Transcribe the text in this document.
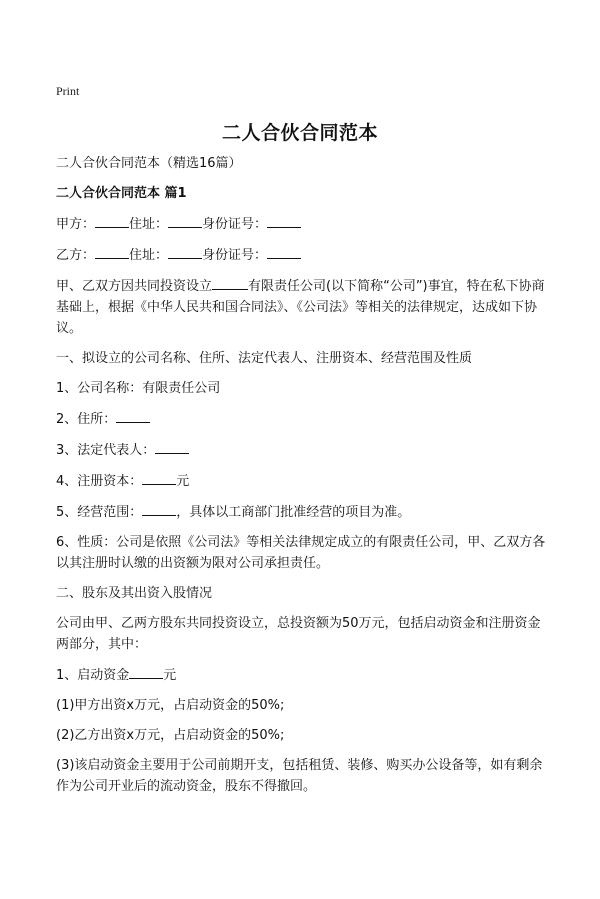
Print
二人合伙合同范本
二人合伙合同范本（精选16篇）
二人合伙合同范本 篇1
甲方：	住址：	身份证号：
乙方：	住址：	身份证号：
甲、乙双方因共同投资设立	有限责任公司(以下简称“公司”)事宜，特在私下协商基础上，根据《中华人民共和国合同法》、《公司法》等相关的法律规定，达成如下协议。
一、拟设立的公司名称、住所、法定代表人、注册资本、经营范围及性质
1、公司名称：有限责任公司
2、住所：
3、法定代表人：
4、注册资本：	元
5、经营范围：	，具体以工商部门批准经营的项目为准。
6、性质：公司是依照《公司法》等相关法律规定成立的有限责任公司，甲、乙双方各以其注册时认缴的出资额为限对公司承担责任。
二、股东及其出资入股情况
公司由甲、乙两方股东共同投资设立，总投资额为50万元，包括启动资金和注册资金两部分，其中：
1、启动资金	元
(1)甲方出资x万元，占启动资金的50%;
(2)乙方出资x万元，占启动资金的50%;
(3)该启动资金主要用于公司前期开支，包括租赁、装修、购买办公设备等，如有剩余作为公司开业后的流动资金，股东不得撤回。
